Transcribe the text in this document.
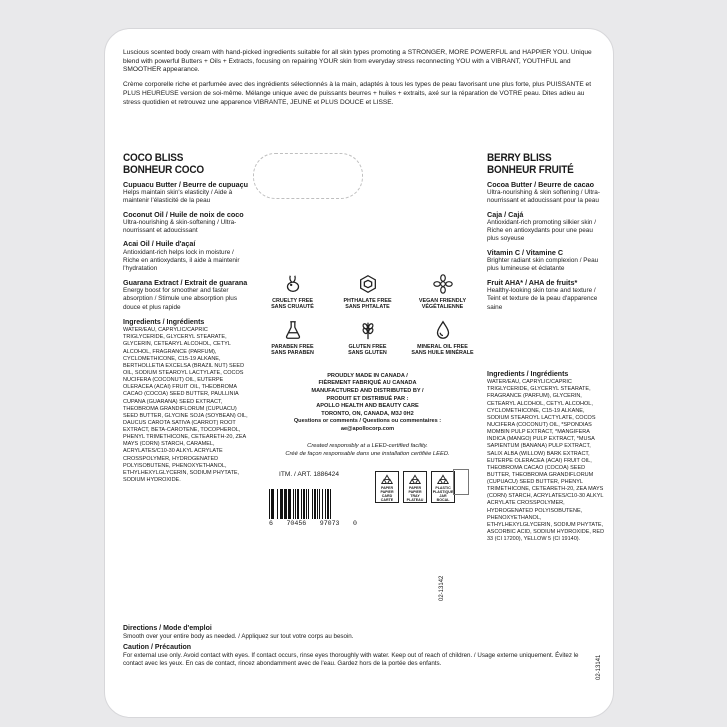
Luscious scented body cream with hand-picked ingredients suitable for all skin types promoting a STRONGER, MORE POWERFUL and HAPPIER YOU. Unique blend with powerful Butters + Oils + Extracts, focusing on repairing YOUR skin from everyday stress reconnecting YOU with a VIBRANT, YOUTHFUL and SMOOTHER appearance.

Crème corporelle riche et parfumée avec des ingrédients sélectionnés à la main, adaptés à tous les types de peau favorisant une plus forte, plus PUISSANTE et PLUS HEUREUSE version de soi-même. Mélange unique avec de puissants beurres + huiles + extraits, axé sur la réparation de VOTRE peau. Dites adieu au stress quotidien et retrouvez une apparence VIBRANTE, JEUNE et PLUS DOUCE et LISSE.

COCO BLISS
BONHEUR COCO
Cupuacu Butter / Beurre de cupuaçu
Helps maintain skin's elasticity / Aide à maintenir l'élasticité de la peau
Coconut Oil / Huile de noix de coco
Ultra-nourishing & skin-softening / Ultra-nourrissant et adoucissant
Acai Oil / Huile d'açaí
Antioxidant-rich helps lock in moisture / Riche en antioxydants, il aide à maintenir l'hydratation
Guarana Extract / Extrait de guarana
Energy boost for smoother and faster absorption / Stimule une absorption plus douce et plus rapide
Ingredients / Ingrédients
WATER/EAU, CAPRYLIC/CAPRIC TRIGLYCERIDE, GLYCERYL STEARATE, GLYCERIN, CETEARYL ALCOHOL, CETYL ALCOHOL, FRAGRANCE (PARFUM), CYCLOMETHICONE, C15-19 ALKANE, BERTHOLLETIA EXCELSA (BRAZIL NUT) SEED OIL, SODIUM STEAROYL LACTYLATE, COCOS NUCIFERA (COCONUT) OIL, EUTERPE OLERACEA (ACAI) FRUIT OIL, THEOBROMA CACAO (COCOA) SEED BUTTER, PAULLINIA CUPANA (GUARANA) SEED EXTRACT, THEOBROMA GRANDIFLORUM (CUPUACU) SEED BUTTER, GLYCINE SOJA (SOYBEAN) OIL, DAUCUS CAROTA SATIVA (CARROT) ROOT EXTRACT, BETA-CAROTENE, TOCOPHEROL, PHENYL TRIMETHICONE, CETEARETH-20, ZEA MAYS (CORN) STARCH, CARAMEL, ACRYLATES/C10-30 ALKYL ACRYLATE CROSSPOLYMER, HYDROGENATED POLYISOBUTENE, PHENOXYETHANOL, ETHYLHEXYLGLYCERIN, SODIUM PHYTATE, SODIUM HYDROXIDE.
BERRY BLISS
BONHEUR FRUITÉ
Cocoa Butter / Beurre de cacao
Ultra-nourishing & skin softening / Ultra-nourrissant et adoucissant pour la peau
Caja / Cajá
Antioxidant-rich promoting silkier skin / Riche en antioxydants pour une peau plus soyeuse
Vitamin C / Vitamine C
Brighter radiant skin complexion / Peau plus lumineuse et éclatante
Fruit AHA* / AHA de fruits*
Healthy-looking skin tone and texture / Teint et texture de la peau d'apparence saine
Ingredients / Ingrédients
WATER/EAU, CAPRYLIC/CAPRIC TRIGLYCERIDE, GLYCERYL STEARATE, FRAGRANCE (PARFUM), GLYCERIN, CETEARYL ALCOHOL, CETYL ALCOHOL, CYCLOMETHICONE, C15-19 ALKANE, SODIUM STEAROYL LACTYLATE, COCOS NUCIFERA (COCONUT) OIL, *SPONDIAS MOMBIN PULP EXTRACT, *MANGIFERA INDICA (MANGO) PULP EXTRACT, *MUSA SAPIENTUM (BANANA) PULP EXTRACT, SALIX ALBA (WILLOW) BARK EXTRACT, EUTERPE OLERACEA (ACAI) FRUIT OIL, THEOBROMA CACAO (COCOA) SEED BUTTER, THEOBROMA GRANDIFLORUM (CUPUACU) SEED BUTTER, PHENYL TRIMETHICONE, CETEARETH-20, ZEA MAYS (CORN) STARCH, ACRYLATES/C10-30 ALKYL ACRYLATE CROSSPOLYMER, HYDROGENATED POLYISOBUTENE, PHENOXYETHANOL, ETHYLHEXYLGLYCERIN, SODIUM PHYTATE, ASCORBIC ACID, SODIUM HYDROXIDE, RED 33 (CI 17200), YELLOW 5 (CI 19140).
CRUELTY FREE
SANS CRUAUTÉ
PHTHALATE FREE
SANS PHTALATE
VEGAN FRIENDLY
VÉGÉTALIENNE
PARABEN FREE
SANS PARABEN
GLUTEN FREE
SANS GLUTEN
MINERAL OIL FREE
SANS HUILE MINÉRALE
PROUDLY MADE IN CANADA /
FIÈREMENT FABRIQUÉ AU CANADA
MANUFACTURED AND DISTRIBUTED BY /
PRODUIT ET DISTRIBUÉ PAR :
APOLLO HEALTH AND BEAUTY CARE
TORONTO, ON, CANADA, M3J 0H2
Questions or comments / Questions ou commentaires :
ae@apollocorp.com
Created responsibly at a LEED-certified facility.
Créé de façon responsable dans une installation certifiée LEED.
ITM. / ART. 1886424
6 70456 97073 0
PAPER
PAPIER
CARD
CARTE
PAPER
PAPIER
TRAY
PLATEAU
PLASTIC
PLASTIQUE
JAR
BOCAL
02-13142
Directions / Mode d'emploi
Smooth over your entire body as needed. / Appliquez sur tout votre corps au besoin.
Caution / Précaution
For external use only. Avoid contact with eyes. If contact occurs, rinse eyes thoroughly with water. Keep out of reach of children. / Usage externe uniquement. Évitez le contact avec les yeux. En cas de contact, rincez abondamment avec de l'eau. Gardez hors de la portée des enfants.	02-13141
